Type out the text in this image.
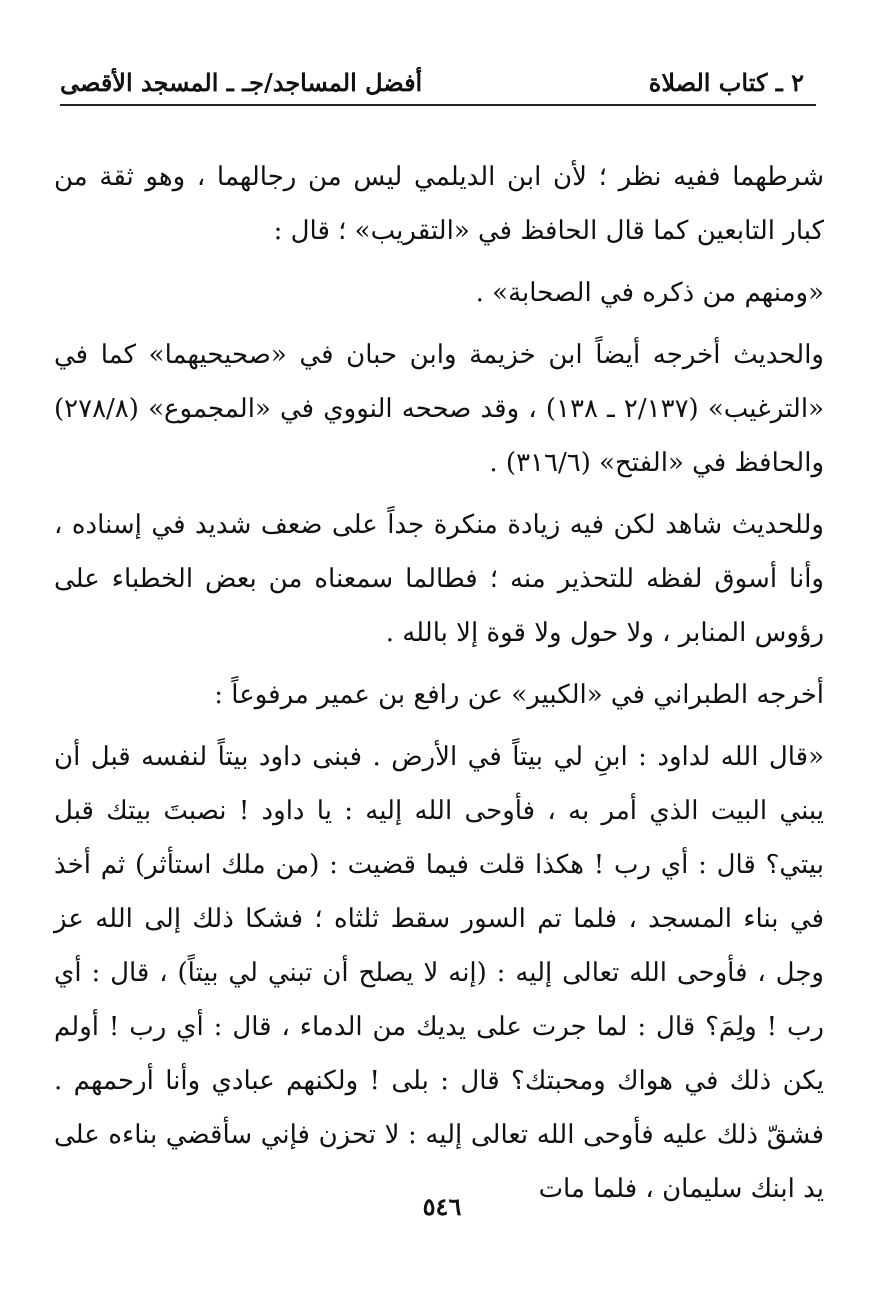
٢ ـ كتاب الصلاة
أفضل المساجد/جـ ـ المسجد الأقصى

شرطهما ففيه نظر ؛ لأن ابن الديلمي ليس من رجالهما ، وهو ثقة من كبار التابعين كما قال الحافظ في «التقريب» ؛ قال :

«ومنهم من ذكره في الصحابة» .

والحديث أخرجه أيضاً ابن خزيمة وابن حبان في «صحيحيهما» كما في «الترغيب» (٢/١٣٧ ـ ١٣٨) ، وقد صححه النووي في «المجموع» (٢٧٨/٨) والحافظ في «الفتح» (٣١٦/٦) .

وللحديث شاهد لكن فيه زيادة منكرة جداً على ضعف شديد في إسناده ، وأنا أسوق لفظه للتحذير منه ؛ فطالما سمعناه من بعض الخطباء على رؤوس المنابر ، ولا حول ولا قوة إلا بالله .

أخرجه الطبراني في «الكبير» عن رافع بن عمير مرفوعاً :

«قال الله لداود : ابنِ لي بيتاً في الأرض . فبنى داود بيتاً لنفسه قبل أن يبني البيت الذي أمر به ، فأوحى الله إليه : يا داود ! نصبتَ بيتك قبل بيتي؟ قال : أي رب ! هكذا قلت فيما قضيت : (من ملك استأثر) ثم أخذ في بناء المسجد ، فلما تم السور سقط ثلثاه ؛ فشكا ذلك إلى الله عز وجل ، فأوحى الله تعالى إليه : (إنه لا يصلح أن تبني لي بيتاً) ، قال : أي رب ! ولِمَ؟ قال : لما جرت على يديك من الدماء ، قال : أي رب ! أولم يكن ذلك في هواك ومحبتك؟ قال : بلى ! ولكنهم عبادي وأنا أرحمهم . فشقّ ذلك عليه فأوحى الله تعالى إليه : لا تحزن فإني سأقضي بناءه على يد ابنك سليمان ، فلما مات

٥٤٦
